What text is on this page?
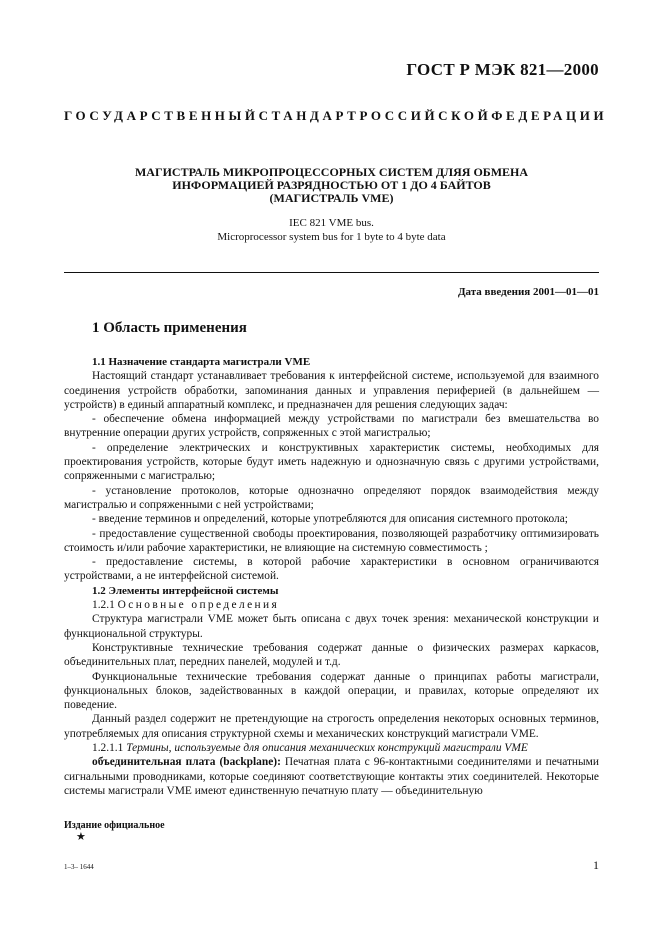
ГОСТ Р МЭК 821—2000
ГОСУДАРСТВЕННЫЙ СТАНДАРТ РОССИЙСКОЙ ФЕДЕРАЦИИ
МАГИСТРАЛЬ МИКРОПРОЦЕССОРНЫХ СИСТЕМ ДЛЯЯ ОБМЕНА
ИНФОРМАЦИЕЙ РАЗРЯДНОСТЬЮ ОТ 1 ДО 4 БАЙТОВ
(МАГИСТРАЛЬ VME)
IEC 821 VME bus.
Microprocessor system bus for 1 byte to 4 byte data
Дата введения 2001—01—01
1 Область применения

1.1 Назначение стандарта магистрали VME

Настоящий стандарт устанавливает требования к интерфейсной системе, используемой для взаимного соединения устройств обработки, запоминания данных и управления периферией (в дальнейшем — устройств) в единый аппаратный комплекс, и предназначен для решения следующих задач:

- обеспечение обмена информацией между устройствами по магистрали без вмешательства во внутренние операции других устройств, сопряженных с этой магистралью;

- определение электрических и конструктивных характеристик системы, необходимых для проектирования устройств, которые будут иметь надежную и однозначную связь с другими устройствами, сопряженными с магистралью;

- установление протоколов, которые однозначно определяют порядок взаимодействия между магистралью и сопряженными с ней устройствами;

- введение терминов и определений, которые употребляются для описания системного протокола;

- предоставление существенной свободы проектирования, позволяющей разработчику оптимизировать стоимость и/или рабочие характеристики, не влияющие на системную совместимость ;

- предоставление системы, в которой рабочие характеристики в основном ограничиваются устройствами, а не интерфейсной системой.

1.2 Элементы интерфейсной системы

1.2.1 Основные определения

Структура магистрали VME может быть описана с двух точек зрения: механической конструкции и функциональной структуры.

Конструктивные технические требования содержат данные о физических размерах каркасов, объединительных плат, передних панелей, модулей и т.д.

Функциональные технические требования содержат данные о принципах работы магистрали, функциональных блоков, задействованных в каждой операции, и правилах, которые определяют их поведение.

Данный раздел содержит не претендующие на строгость определения некоторых основных терминов, употребляемых для описания структурной схемы и механических конструкций магистрали VME.

1.2.1.1 Термины, используемые для описания механических конструкций магистрали VME

объединительная плата (backplane): Печатная плата с 96-контактными соединителями и печатными сигнальными проводниками, которые соединяют соответствующие контакты этих соединителей. Некоторые системы магистрали VME имеют единственную печатную плату — объединительную

Издание официальное
★
1–3– 1644	1
